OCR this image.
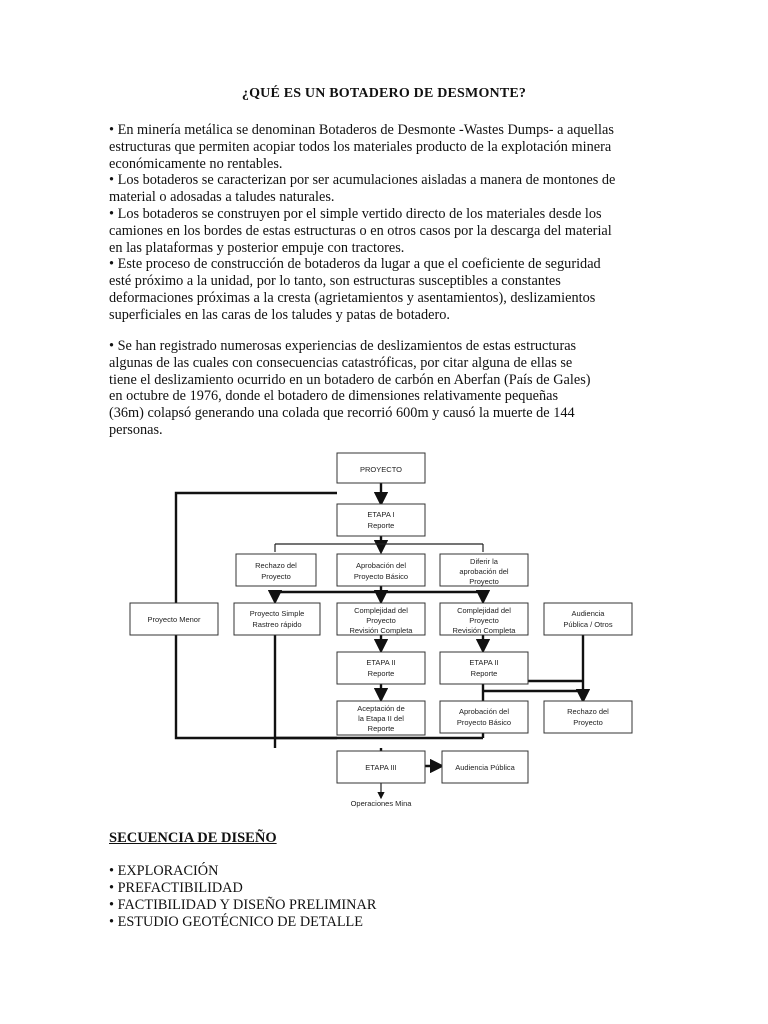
¿QUÉ ES UN BOTADERO DE DESMONTE?

• En minería metálica se denominan Botaderos de Desmonte -Wastes Dumps- a aquellas
estructuras que permiten acopiar todos los materiales producto de la explotación minera
económicamente no rentables.
• Los botaderos se caracterizan por ser acumulaciones aisladas a manera de montones de
material o adosadas a taludes naturales.
• Los botaderos se construyen por el simple vertido directo de los materiales desde los
camiones en los bordes de estas estructuras o en otros casos por la descarga del material
en las plataformas y posterior empuje con tractores.
• Este proceso de construcción de botaderos da lugar a que el coeficiente de seguridad
esté próximo a la unidad, por lo tanto, son estructuras susceptibles a constantes
deformaciones próximas a la cresta (agrietamientos y asentamientos), deslizamientos
superficiales en las caras de los taludes y patas de botadero.

• Se han registrado numerosas experiencias de deslizamientos de estas estructuras
algunas de las cuales con consecuencias catastróficas, por citar alguna de ellas se
tiene el deslizamiento ocurrido en un botadero de carbón en Aberfan (País de Gales)
en octubre de 1976, donde el botadero de dimensiones relativamente pequeñas
(36m) colapsó generando una colada que recorrió 600m y causó la muerte de 144
personas.

PROYECTO
ETAPA I
Reporte
Rechazo del
Proyecto
Aprobación del
Proyecto Básico
Diferir la
aprobación del
Proyecto
Proyecto Menor
Proyecto Simple
Rastreo rápido
Complejidad del
Proyecto
Revisión Completa
Complejidad del
Proyecto
Revisión Completa
Audiencia
Pública / Otros
ETAPA II
Reporte
ETAPA II
Reporte
Aceptación de
la Etapa II del
Reporte
Aprobación del
Proyecto Básico
Rechazo del
Proyecto
ETAPA III	Audiencia Pública
Operaciones Mina
SECUENCIA DE DISEÑO
• EXPLORACIÓN
• PREFACTIBILIDAD
• FACTIBILIDAD Y DISEÑO PRELIMINAR
• ESTUDIO GEOTÉCNICO DE DETALLE
